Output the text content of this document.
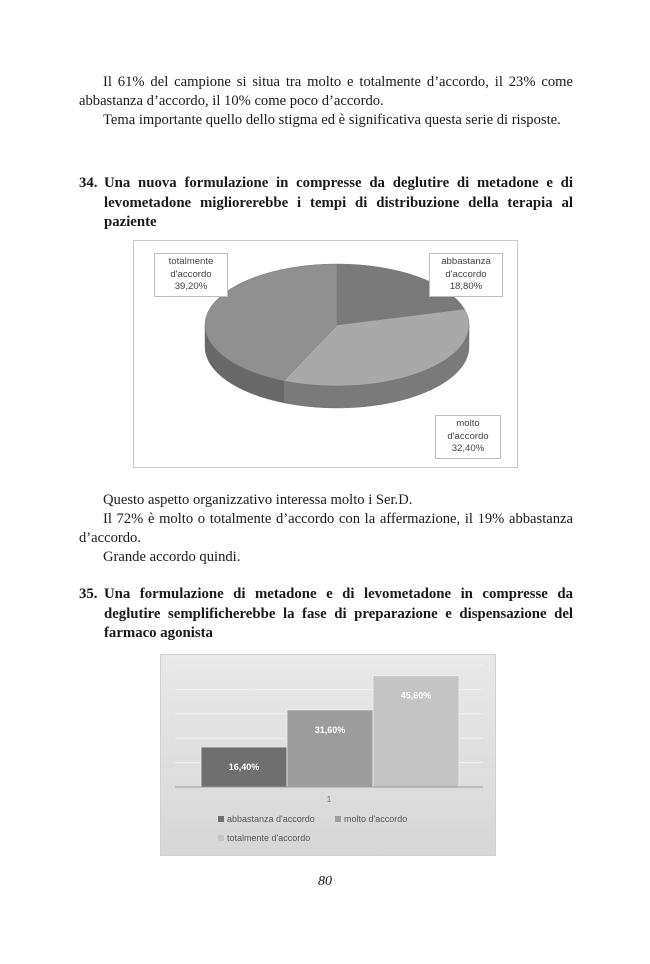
Il 61% del campione si situa tra molto e totalmente d’accordo, il 23% come abbastanza d’accordo, il 10% come poco d’accordo.

Tema importante quello dello stigma ed è significativa questa serie di risposte.

34. Una nuova formulazione in compresse da deglutire di metadone e di levometadone migliorerebbe i tempi di distribuzione della terapia al paziente
totalmente
d'accordo
39,20%
abbastanza
d'accordo
18,80%
molto
d'accordo
32,40%

Questo aspetto organizzativo interessa molto i Ser.D.

Il 72% è molto o totalmente d’accordo con la affermazione, il 19% abbastanza d’accordo.

Grande accordo quindi.

35. Una formulazione di metadone e di levometadone in compresse da deglutire semplificherebbe la fase di preparazione e dispensazione del farmaco agonista
16,40%
31,60%
45,60%
1
abbastanza d'accordo	molto d'accordo
totalmente d'accordo
80
